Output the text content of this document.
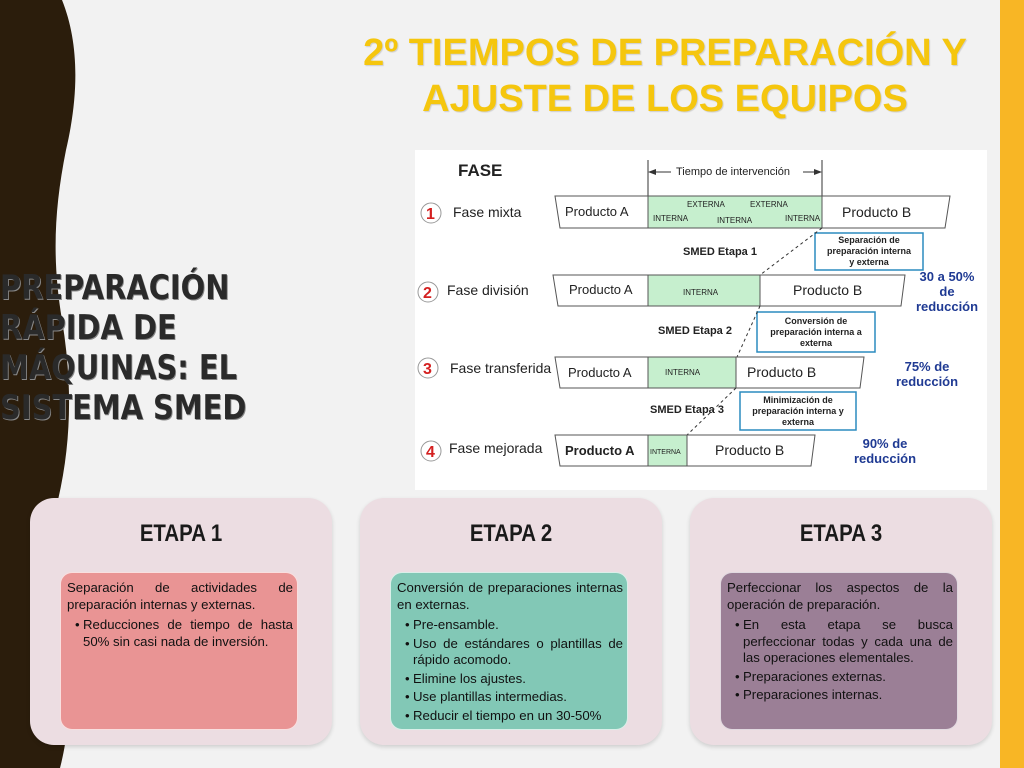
2º TIEMPOS DE PREPARACIÓN Y
AJUSTE DE LOS EQUIPOS
PREPARACIÓN
RÁPIDA DE
MÁQUINAS: EL
SISTEMA SMED
FASE	Tiempo de intervención
1 Fase mixta	Producto A	EXTERNA	EXTERNA
INTERNA	INTERNA	INTERNA Producto B
SMED Etapa 1
Separación de
preparación interna
y externa
2 Fase división	Producto A	INTERNA	Producto B
30 a 50%
de
reducción
SMED Etapa 2
Conversión de
preparación interna a
externa
3 Fase transferida Producto A	INTERNA	Producto B	75% de
reducción
SMED Etapa 3
Minimización de
preparación interna y
externa
4 Fase mejorada Producto A INTERNA Producto B	90% de
reducción
ETAPA 1

Separación de actividades de preparación internas y externas.

• Reducciones de tiempo de hasta 50% sin casi nada de inversión.
ETAPA 2

Conversión de preparaciones internas en externas.

• Pre-ensamble.
• Uso de estándares o plantillas de rápido acomodo.
• Elimine los ajustes.
• Use plantillas intermedias.
• Reducir el tiempo en un 30-50%
ETAPA 3

Perfeccionar los aspectos de la operación de preparación.

• En esta etapa se busca perfeccionar todas y cada una de las operaciones elementales.
• Preparaciones externas.
• Preparaciones internas.
